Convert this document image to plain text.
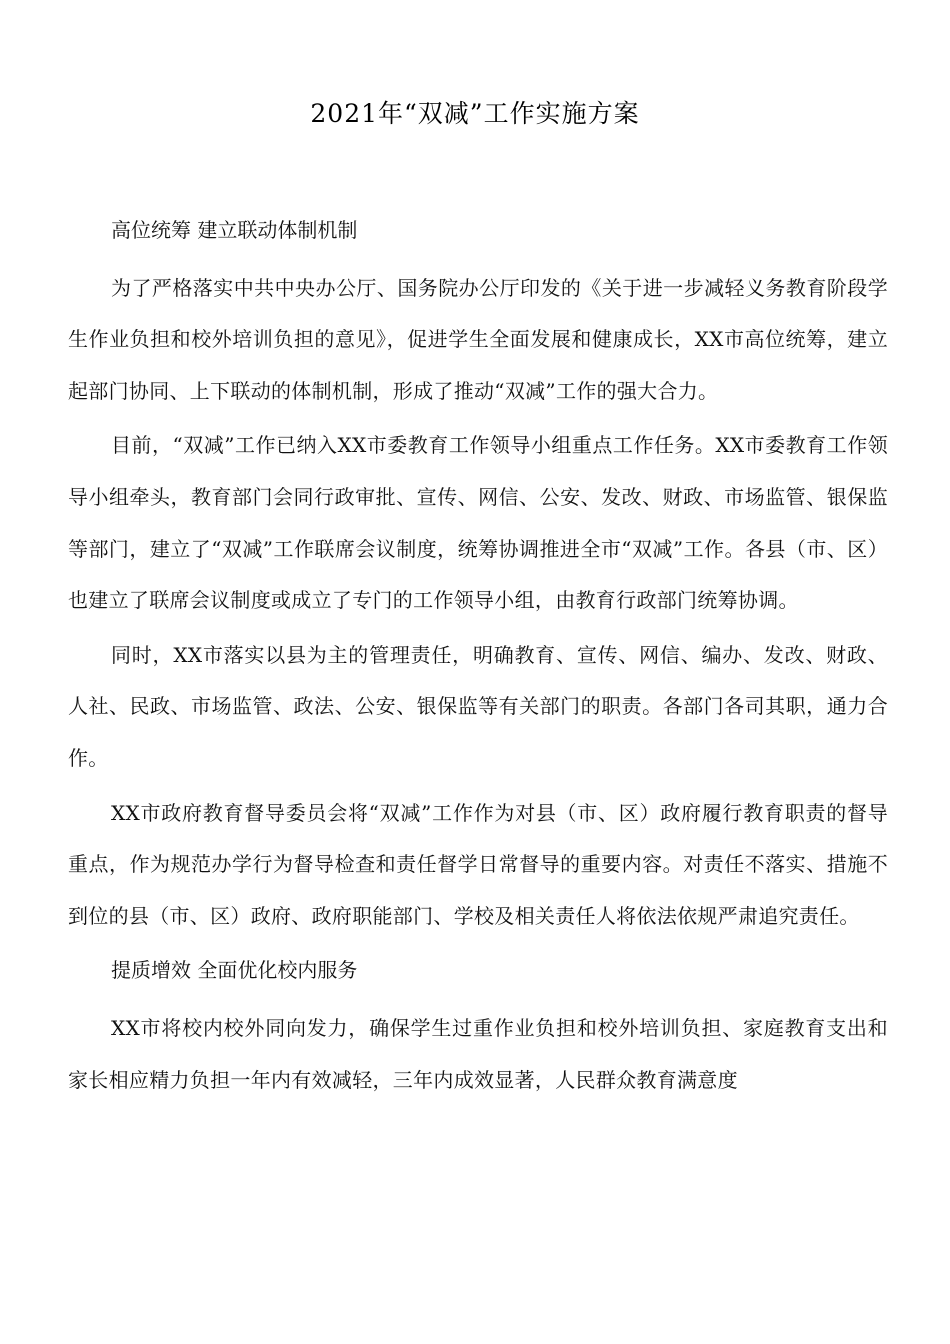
2021年“双减”工作实施方案

高位统筹 建立联动体制机制

为了严格落实中共中央办公厅、国务院办公厅印发的《关于进一步减轻义务教育阶段学生作业负担和校外培训负担的意见》，促进学生全面发展和健康成长，XX市高位统筹，建立起部门协同、上下联动的体制机制，形成了推动“双减”工作的强大合力。

目前，“双减”工作已纳入XX市委教育工作领导小组重点工作任务。XX市委教育工作领导小组牵头，教育部门会同行政审批、宣传、网信、公安、发改、财政、市场监管、银保监等部门，建立了“双减”工作联席会议制度，统筹协调推进全市“双减”工作。各县（市、区）也建立了联席会议制度或成立了专门的工作领导小组，由教育行政部门统筹协调。

同时，XX市落实以县为主的管理责任，明确教育、宣传、网信、编办、发改、财政、人社、民政、市场监管、政法、公安、银保监等有关部门的职责。各部门各司其职，通力合作。

XX市政府教育督导委员会将“双减”工作作为对县（市、区）政府履行教育职责的督导重点，作为规范办学行为督导检查和责任督学日常督导的重要内容。对责任不落实、措施不到位的县（市、区）政府、政府职能部门、学校及相关责任人将依法依规严肃追究责任。

提质增效 全面优化校内服务

XX市将校内校外同向发力，确保学生过重作业负担和校外培训负担、家庭教育支出和家长相应精力负担一年内有效减轻，三年内成效显著，人民群众教育满意度
